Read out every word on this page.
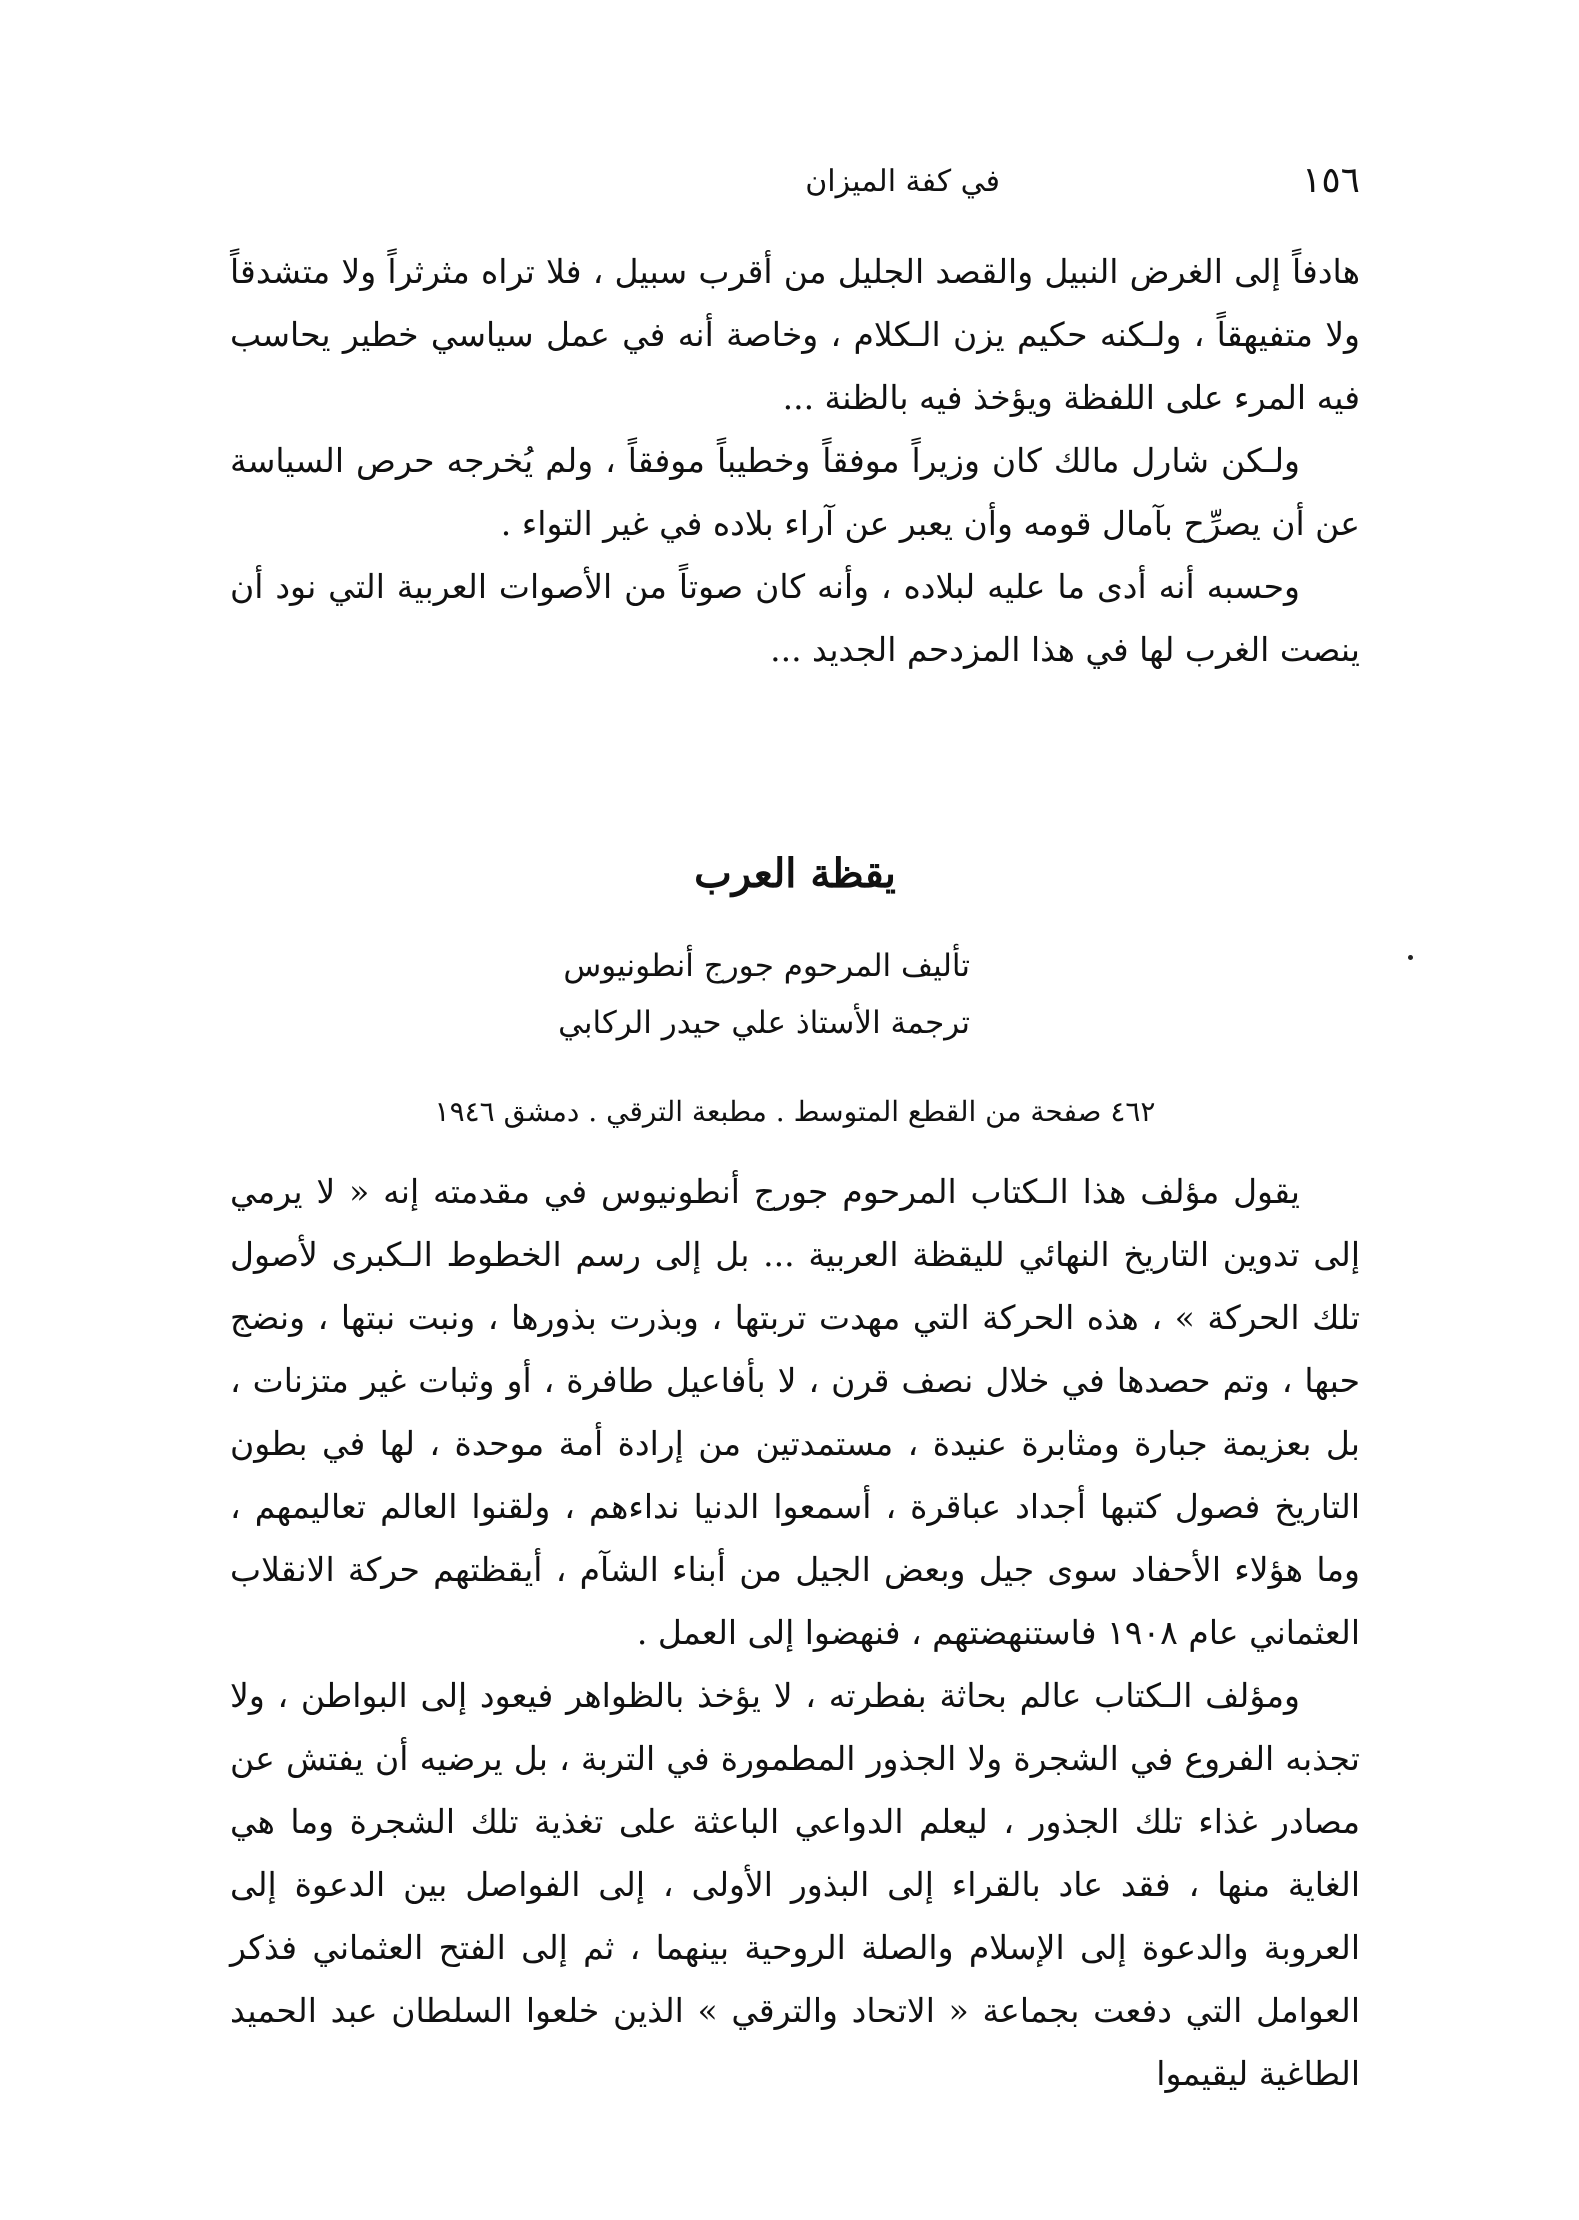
١٥٦
في كفة الميزان

هادفاً إلى الغرض النبيل والقصد الجليل من أقرب سبيل ، فلا تراه مثرثراً ولا متشدقاً ولا متفيهقاً ، ولـكنه حكيم يزن الـكلام ، وخاصة أنه في عمل سياسي خطير يحاسب فيه المرء على اللفظة ويؤخذ فيه بالظنة ...

ولـكن شارل مالك كان وزيراً موفقاً وخطيباً موفقاً ، ولم يُخرجه حرص السياسة عن أن يصرِّح بآمال قومه وأن يعبر عن آراء بلاده في غير التواء .

وحسبه أنه أدى ما عليه لبلاده ، وأنه كان صوتاً من الأصوات العربية التي نود أن ينصت الغرب لها في هذا المزدحم الجديد ...

يقظة العرب
تأليف المرحوم جورج أنطونيوس
ترجمة الأستاذ علي حيدر الركابي
٤٦٢ صفحة من القطع المتوسط . مطبعة الترقي . دمشق ١٩٤٦

يقول مؤلف هذا الـكتاب المرحوم جورج أنطونيوس في مقدمته إنه « لا يرمي إلى تدوين التاريخ النهائي لليقظة العربية ... بل إلى رسم الخطوط الـكبرى لأصول تلك الحركة » ، هذه الحركة التي مهدت تربتها ، وبذرت بذورها ، ونبت نبتها ، ونضج حبها ، وتم حصدها في خلال نصف قرن ، لا بأفاعيل طافرة ، أو وثبات غير متزنات ، بل بعزيمة جبارة ومثابرة عنيدة ، مستمدتين من إرادة أمة موحدة ، لها في بطون التاريخ فصول كتبها أجداد عباقرة ، أسمعوا الدنيا نداءهم ، ولقنوا العالم تعاليمهم ، وما هؤلاء الأحفاد سوى جيل وبعض الجيل من أبناء الشآم ، أيقظتهم حركة الانقلاب العثماني عام ١٩٠٨ فاستنهضتهم ، فنهضوا إلى العمل .

ومؤلف الـكتاب عالم بحاثة بفطرته ، لا يؤخذ بالظواهر فيعود إلى البواطن ، ولا تجذبه الفروع في الشجرة ولا الجذور المطمورة في التربة ، بل يرضيه أن يفتش عن مصادر غذاء تلك الجذور ، ليعلم الدواعي الباعثة على تغذية تلك الشجرة وما هي الغاية منها ، فقد عاد بالقراء إلى البذور الأولى ، إلى الفواصل بين الدعوة إلى العروبة والدعوة إلى الإسلام والصلة الروحية بينهما ، ثم إلى الفتح العثماني فذكر العوامل التي دفعت بجماعة « الاتحاد والترقي » الذين خلعوا السلطان عبد الحميد الطاغية ليقيموا
